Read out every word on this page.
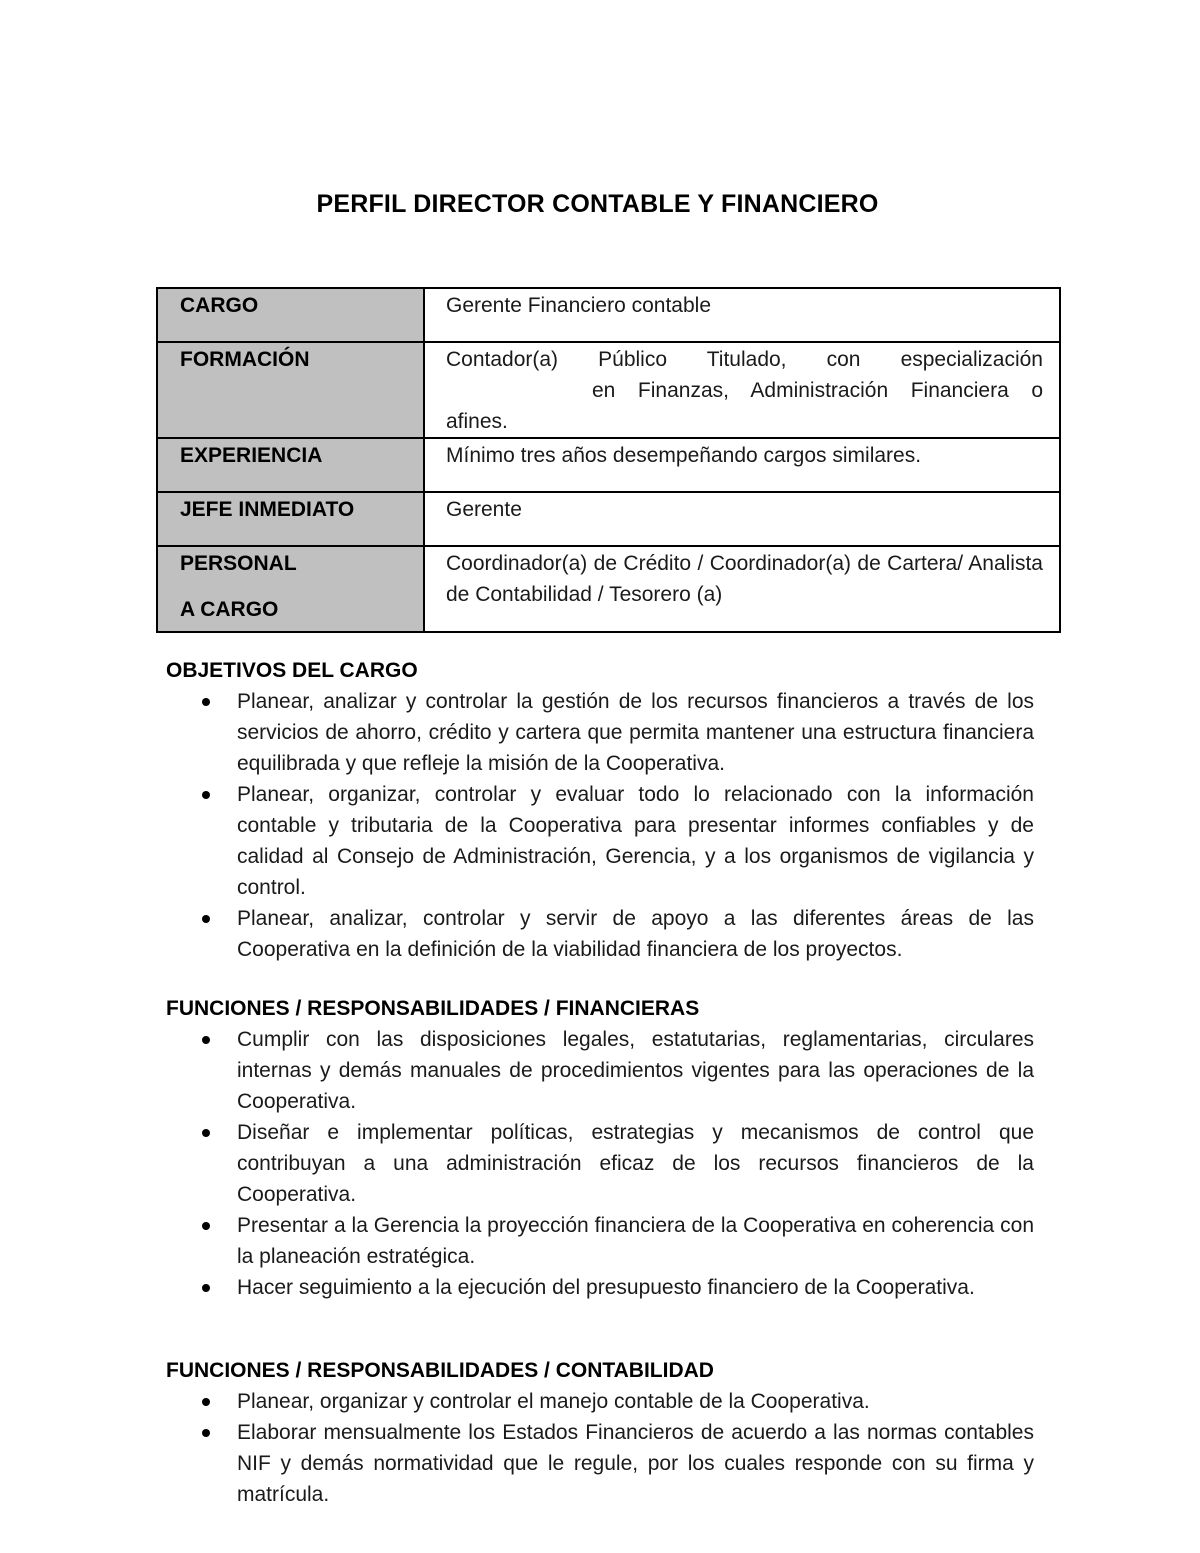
PERFIL DIRECTOR CONTABLE Y FINANCIERO
CARGO	Gerente Financiero contable
FORMACIÓN	Contador(a) Público Titulado, con especialización
en Finanzas, Administración Financiera o afines.

EXPERIENCIA	Mínimo tres años desempeñando cargos similares.
JEFE INMEDIATO	Gerente
PERSONAL
A CARGO	Coordinador(a) de Crédito / Coordinador(a) de Cartera/ Analista de Contabilidad / Tesorero (a)
OBJETIVOS DEL CARGO
Planear, analizar y controlar la gestión de los recursos financieros a través de los servicios de ahorro, crédito y cartera que permita mantener una estructura financiera equilibrada y que refleje la misión de la Cooperativa.
Planear, organizar, controlar y evaluar todo lo relacionado con la información contable y tributaria de la Cooperativa para presentar informes confiables y de calidad al Consejo de Administración, Gerencia, y a los organismos de vigilancia y control.
Planear, analizar, controlar y servir de apoyo a las diferentes áreas de las Cooperativa en la definición de la viabilidad financiera de los proyectos.
FUNCIONES / RESPONSABILIDADES / FINANCIERAS
Cumplir con las disposiciones legales, estatutarias, reglamentarias, circulares internas y demás manuales de procedimientos vigentes para las operaciones de la Cooperativa.
Diseñar e implementar políticas, estrategias y mecanismos de control que contribuyan a una administración eficaz de los recursos financieros de la Cooperativa.
Presentar a la Gerencia la proyección financiera de la Cooperativa en coherencia con la planeación estratégica.
Hacer seguimiento a la ejecución del presupuesto financiero de la Cooperativa.
FUNCIONES / RESPONSABILIDADES / CONTABILIDAD
Planear, organizar y controlar el manejo contable de la Cooperativa.
Elaborar mensualmente los Estados Financieros de acuerdo a las normas contables NIF y demás normatividad que le regule, por los cuales responde con su firma y matrícula.
